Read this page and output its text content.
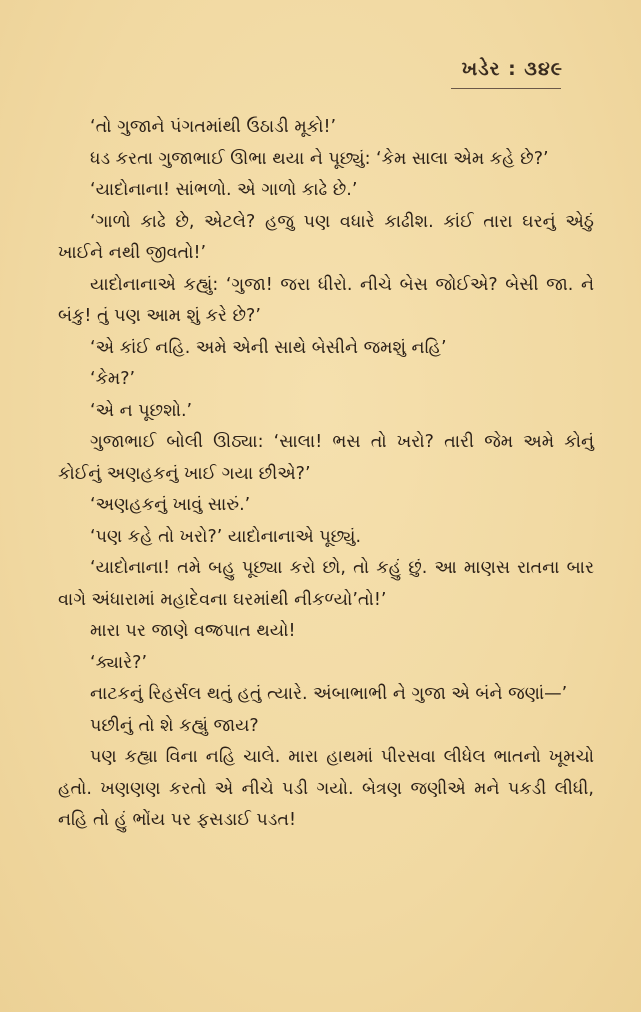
ખડેર : ૩૪૯

‘તો ગુજાને પંગતમાંથી ઉઠાડી મૂકો!’

ધડ કરતા ગુજાભાઈ ઊભા થયા ને પૂછ્યું: ‘કેમ સાલા એમ કહે છે?’

‘યાદોનાના! સાંભળો. એ ગાળો કાઢે છે.’

‘ગાળો કાઢે છે, એટલે? હજુ પણ વધારે કાઢીશ. કાંઈ તારા ઘરનું એઠું ખાઈને નથી જીવતો!’

યાદોનાનાએ કહ્યું: ‘ગુજા! જરા ધીરો. નીચે બેસ જોઈએ? બેસી જા. ને બંકુ! તું પણ આમ શું કરે છે?’

‘એ કાંઈ નહિ. અમે એની સાથે બેસીને જમશું નહિ’

‘કેમ?’

‘એ ન પૂછશો.’

ગુજાભાઈ બોલી ઊઠ્યા: ‘સાલા! ભસ તો ખરો? તારી જેમ અમે કોનું કોઈનું અણહકનું ખાઈ ગયા છીએ?’

‘અણહકનું ખાવું સારું.’

‘પણ કહે તો ખરો?’ યાદોનાનાએ પૂછ્યું.

‘યાદોનાના! તમે બહુ પૂછ્યા કરો છો, તો કહું છું. આ માણસ રાતના બાર વાગે અંધારામાં મહાદેવના ઘરમાંથી નીકળ્યો’તો!’

મારા પર જાણે વજ્રપાત થયો!

‘ક્યારે?’

નાટકનું રિહર્સલ થતું હતું ત્યારે. અંબાભાભી ને ગુજા એ બંને જણાં—’

પછીનું તો શે કહ્યું જાય?

પણ કહ્યા વિના નહિ ચાલે. મારા હાથમાં પીરસવા લીધેલ ભાતનો ખૂમચો હતો. ખણણણ કરતો એ નીચે પડી ગયો. બેત્રણ જણીએ મને પકડી લીધી, નહિ તો હું ભોંય પર ફસડાઈ પડત!
